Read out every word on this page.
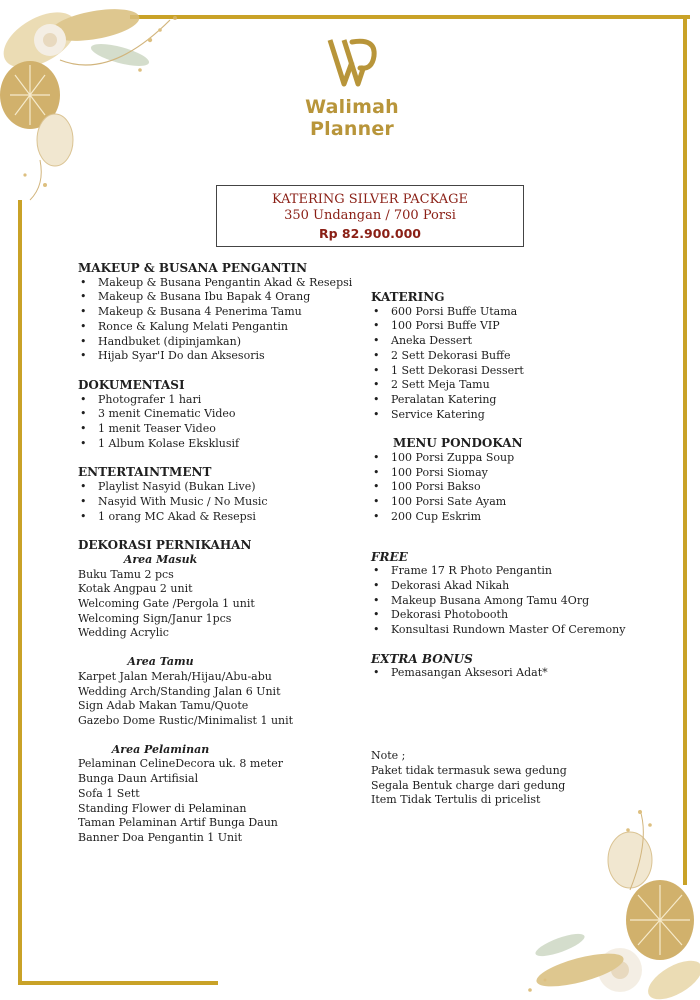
Walimah Planner
KATERING SILVER PACKAGE
350 Undangan / 700 Porsi
Rp 82.900.000

MAKEUP & BUSANA PENGANTIN

• Makeup & Busana Pengantin Akad & Resepsi
• Makeup & Busana Ibu Bapak 4 Orang
• Makeup & Busana 4 Penerima Tamu
• Ronce & Kalung Melati Pengantin
• Handbuket (dipinjamkan)
• Hijab Syar'I Do dan Aksesoris

DOKUMENTASI

• Photografer 1 hari
• 3 menit Cinematic Video
• 1 menit Teaser Video
• 1 Album Kolase Eksklusif

ENTERTAINTMENT

• Playlist Nasyid (Bukan Live)
• Nasyid With Music / No Music
• 1 orang MC Akad & Resepsi

DEKORASI PERNIKAHAN

Area Masuk

Buku Tamu 2 pcs

Kotak Angpau 2 unit

Welcoming Gate /Pergola 1 unit

Welcoming Sign/Janur 1pcs

Wedding Acrylic

Area Tamu

Karpet Jalan Merah/Hijau/Abu-abu

Wedding Arch/Standing Jalan 6 Unit

Sign Adab Makan Tamu/Quote

Gazebo Dome Rustic/Minimalist 1 unit

Area Pelaminan

Pelaminan CelineDecora uk. 8 meter

Bunga Daun Artifisial

Sofa 1 Sett

Standing Flower di Pelaminan

Taman Pelaminan Artif Bunga Daun

Banner Doa Pengantin 1 Unit

KATERING

• 600 Porsi Buffe Utama
• 100 Porsi Buffe VIP
• Aneka Dessert
• 2 Sett Dekorasi Buffe
• 1 Sett Dekorasi Dessert
• 2 Sett Meja Tamu
• Peralatan Katering
• Service Katering

MENU PONDOKAN

• 100 Porsi Zuppa Soup
• 100 Porsi Siomay
• 100 Porsi Bakso
• 100 Porsi Sate Ayam
• 200 Cup Eskrim

FREE

• Frame 17 R Photo Pengantin
• Dekorasi Akad Nikah
• Makeup Busana Among Tamu 4Org
• Dekorasi Photobooth
• Konsultasi Rundown Master Of Ceremony

EXTRA BONUS

• Pemasangan Aksesori Adat*

Note ;

Paket tidak termasuk sewa gedung

Segala Bentuk charge dari gedung

Item Tidak Tertulis di pricelist
